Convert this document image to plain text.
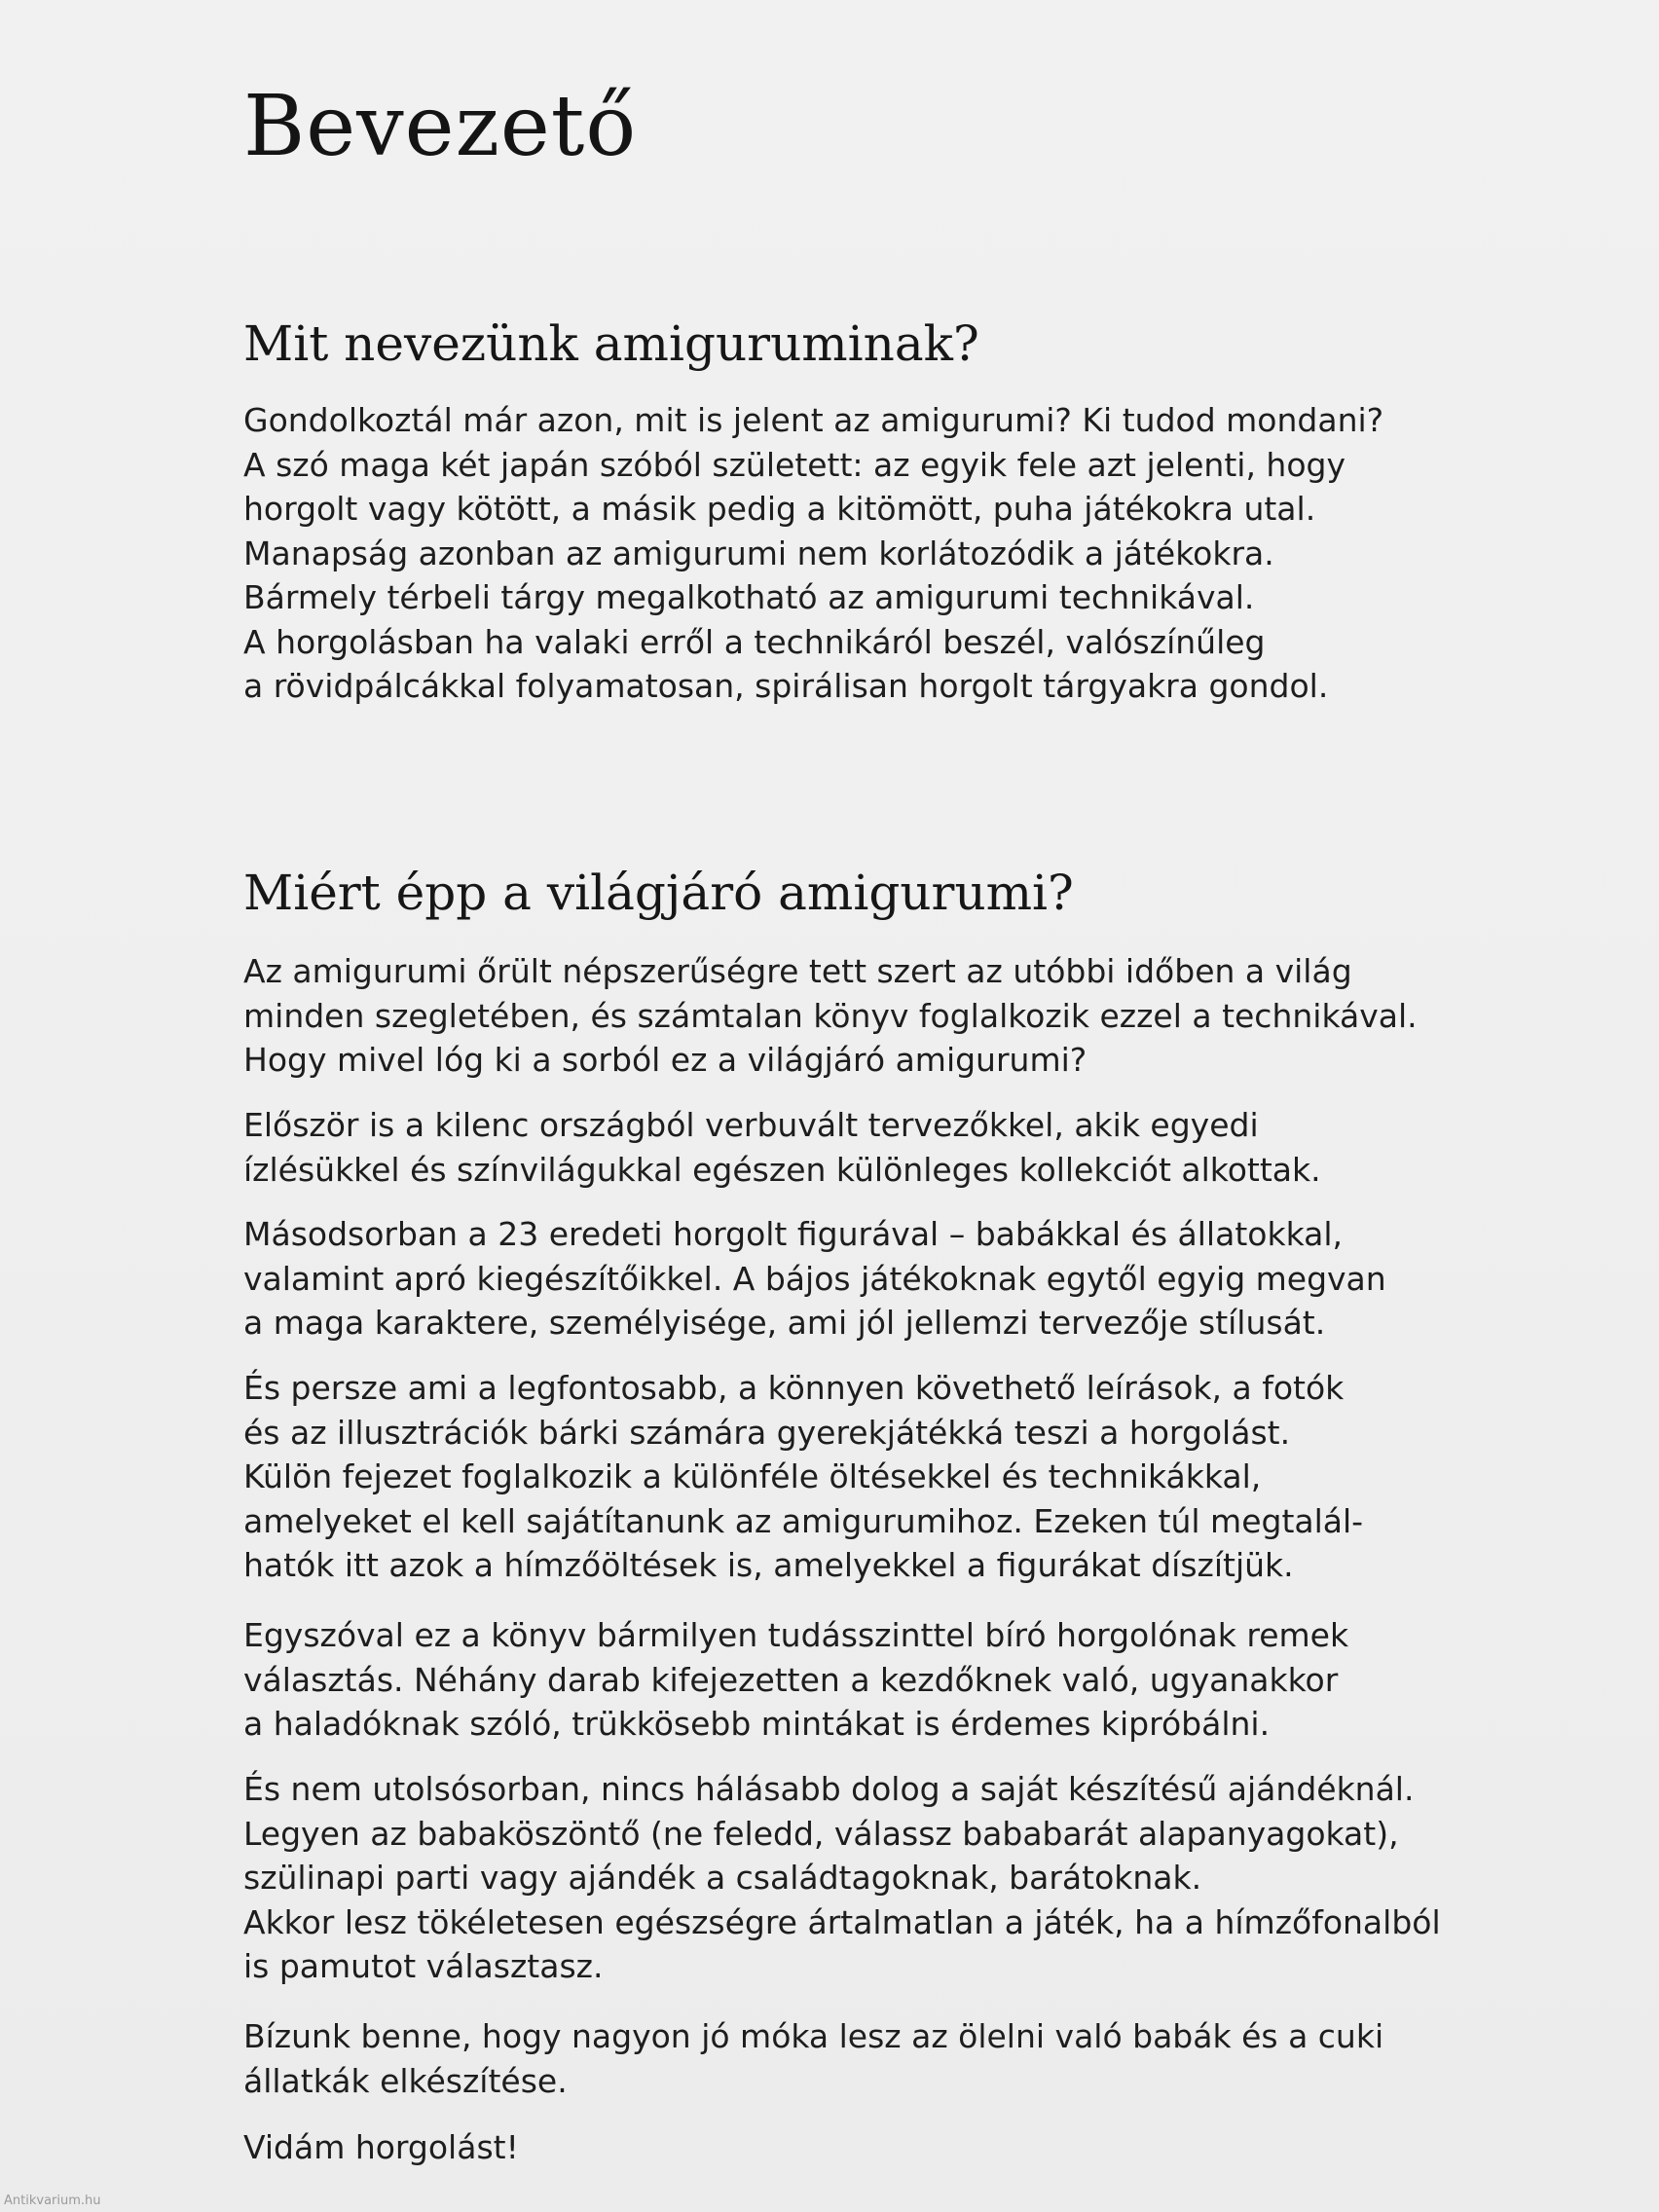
Bevezető
Mit nevezünk amiguruminak?

Gondolkoztál már azon, mit is jelent az amigurumi? Ki tudod mondani?
A szó maga két japán szóból született: az egyik fele azt jelenti, hogy
horgolt vagy kötött, a másik pedig a kitömött, puha játékokra utal.
Manapság azonban az amigurumi nem korlátozódik a játékokra.
Bármely térbeli tárgy megalkotható az amigurumi technikával.
A horgolásban ha valaki erről a technikáról beszél, valószínűleg
a rövidpálcákkal folyamatosan, spirálisan horgolt tárgyakra gondol.

Miért épp a világjáró amigurumi?

Az amigurumi őrült népszerűségre tett szert az utóbbi időben a világ
minden szegletében, és számtalan könyv foglalkozik ezzel a technikával.
Hogy mivel lóg ki a sorból ez a világjáró amigurumi?

Először is a kilenc országból verbuvált tervezőkkel, akik egyedi
ízlésükkel és színvilágukkal egészen különleges kollekciót alkottak.

Másodsorban a 23 eredeti horgolt figurával – babákkal és állatokkal,
valamint apró kiegészítőikkel. A bájos játékoknak egytől egyig megvan
a maga karaktere, személyisége, ami jól jellemzi tervezője stílusát.

És persze ami a legfontosabb, a könnyen követhető leírások, a fotók
és az illusztrációk bárki számára gyerekjátékká teszi a horgolást.
Külön fejezet foglalkozik a különféle öltésekkel és technikákkal,
amelyeket el kell sajátítanunk az amigurumihoz. Ezeken túl megtalál-
hatók itt azok a hímzőöltések is, amelyekkel a figurákat díszítjük.

Egyszóval ez a könyv bármilyen tudásszinttel bíró horgolónak remek
választás. Néhány darab kifejezetten a kezdőknek való, ugyanakkor
a haladóknak szóló, trükkösebb mintákat is érdemes kipróbálni.

És nem utolsósorban, nincs hálásabb dolog a saját készítésű ajándéknál.
Legyen az babaköszöntő (ne feledd, válassz bababarát alapanyagokat),
szülinapi parti vagy ajándék a családtagoknak, barátoknak.
Akkor lesz tökéletesen egészségre ártalmatlan a játék, ha a hímzőfonalból
is pamutot választasz.

Bízunk benne, hogy nagyon jó móka lesz az ölelni való babák és a cuki
állatkák elkészítése.

Vidám horgolást!

Antikvarium.hu
